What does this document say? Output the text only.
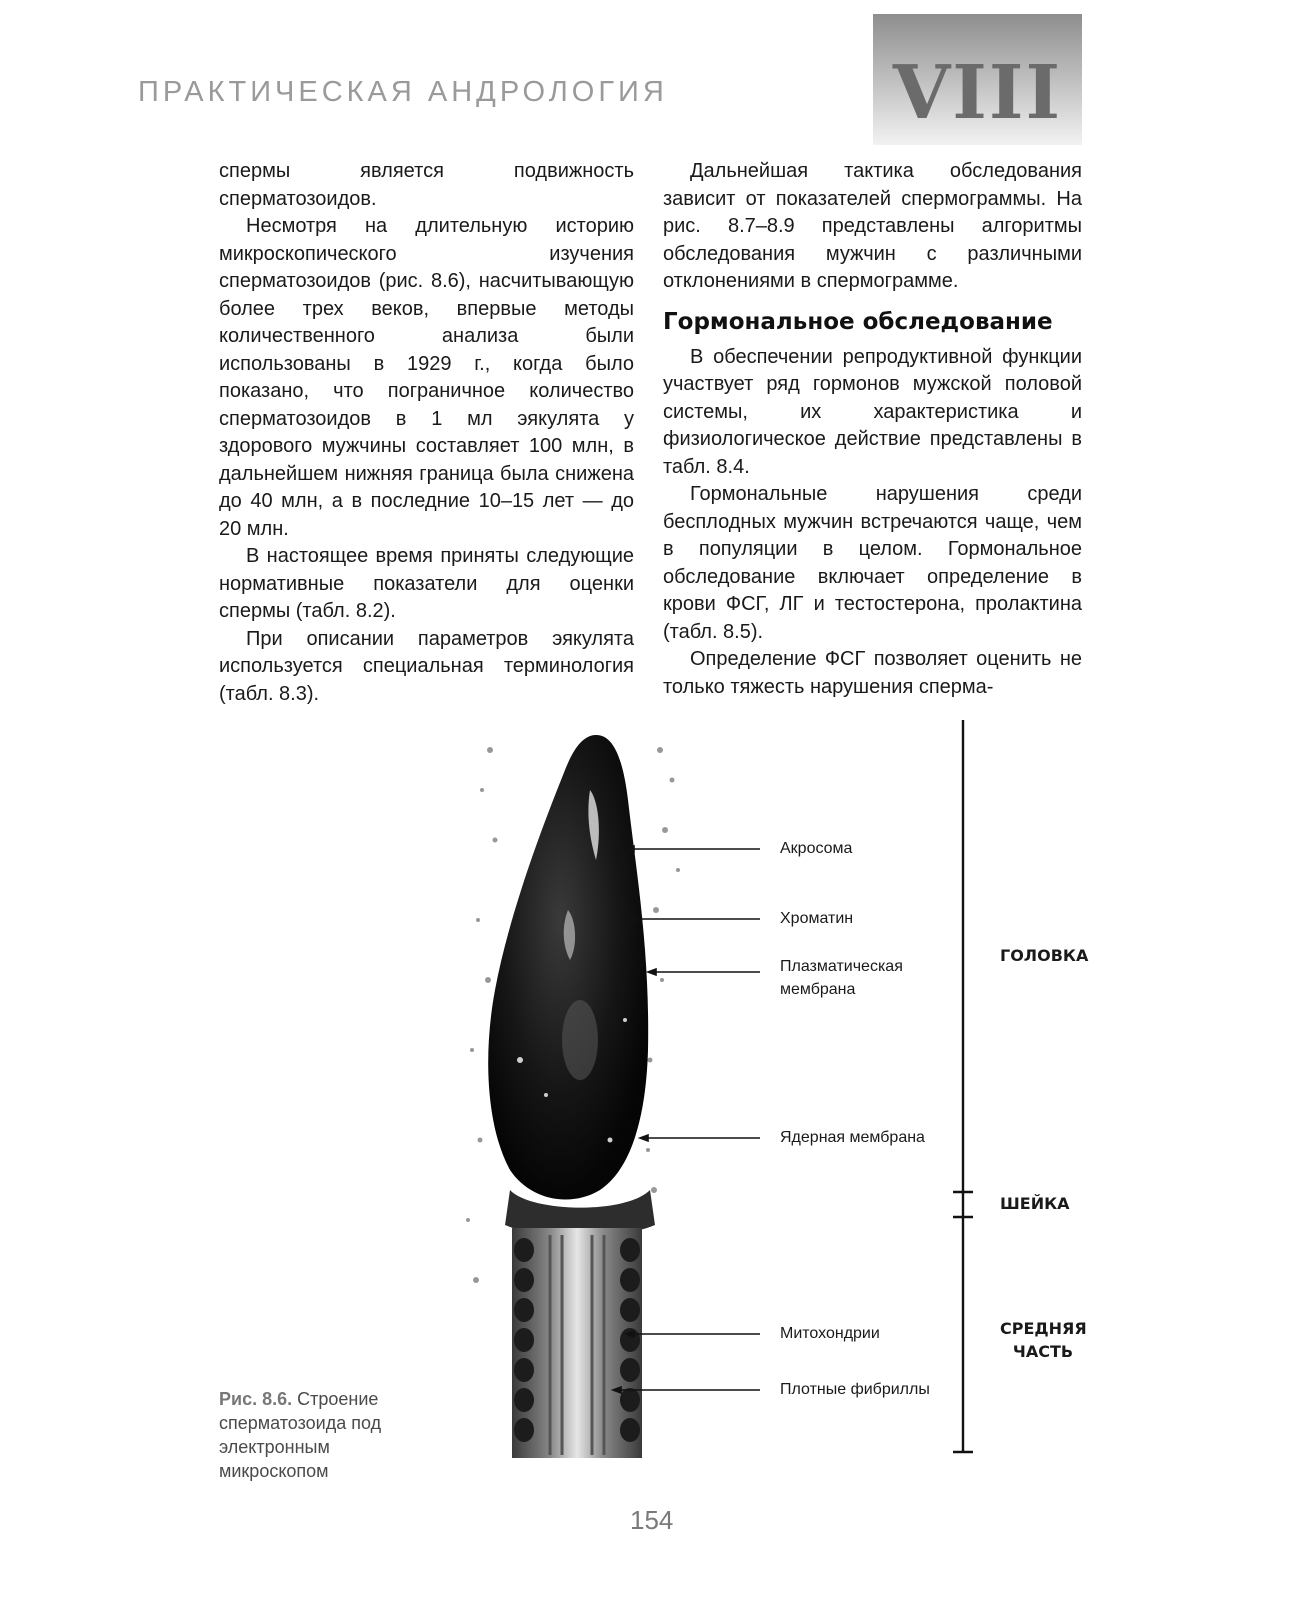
ПРАКТИЧЕСКАЯ АНДРОЛОГИЯ	VIII

спермы является подвижность сперматозоидов.

Несмотря на длительную историю микроскопического изучения сперматозоидов (рис. 8.6), насчитывающую более трех веков, впервые методы количественного анализа были использованы в 1929 г., когда было показано, что пограничное количество сперматозоидов в 1 мл эякулята у здорового мужчины составляет 100 млн, в дальнейшем нижняя граница была снижена до 40 млн, а в последние 10–15 лет — до 20 млн.

В настоящее время приняты следующие нормативные показатели для оценки спермы (табл. 8.2).

При описании параметров эякулята используется специальная терминология (табл. 8.3).

Дальнейшая тактика обследования зависит от показателей спермограммы. На рис. 8.7–8.9 представлены алгоритмы обследования мужчин с различными отклонениями в спермограмме.

Гормональное обследование

В обеспечении репродуктивной функции участвует ряд гормонов мужской половой системы, их характеристика и физиологическое действие представлены в табл. 8.4.

Гормональные нарушения среди бесплодных мужчин встречаются чаще, чем в популяции в целом. Гормональное обследование включает определение в крови ФСГ, ЛГ и тестостерона, пролактина (табл. 8.5).

Определение ФСГ позволяет оценить не только тяжесть нарушения сперма-

Акросома
Хроматин
Плазматическая
мембрана
Ядерная мембрана
Митохондрии
Плотные фибриллы
ГОЛОВКА
ШЕЙКА
СРЕДНЯЯ
ЧАСТЬ
Рис. 8.6. Строение сперматозоида под электронным микроскопом
154
